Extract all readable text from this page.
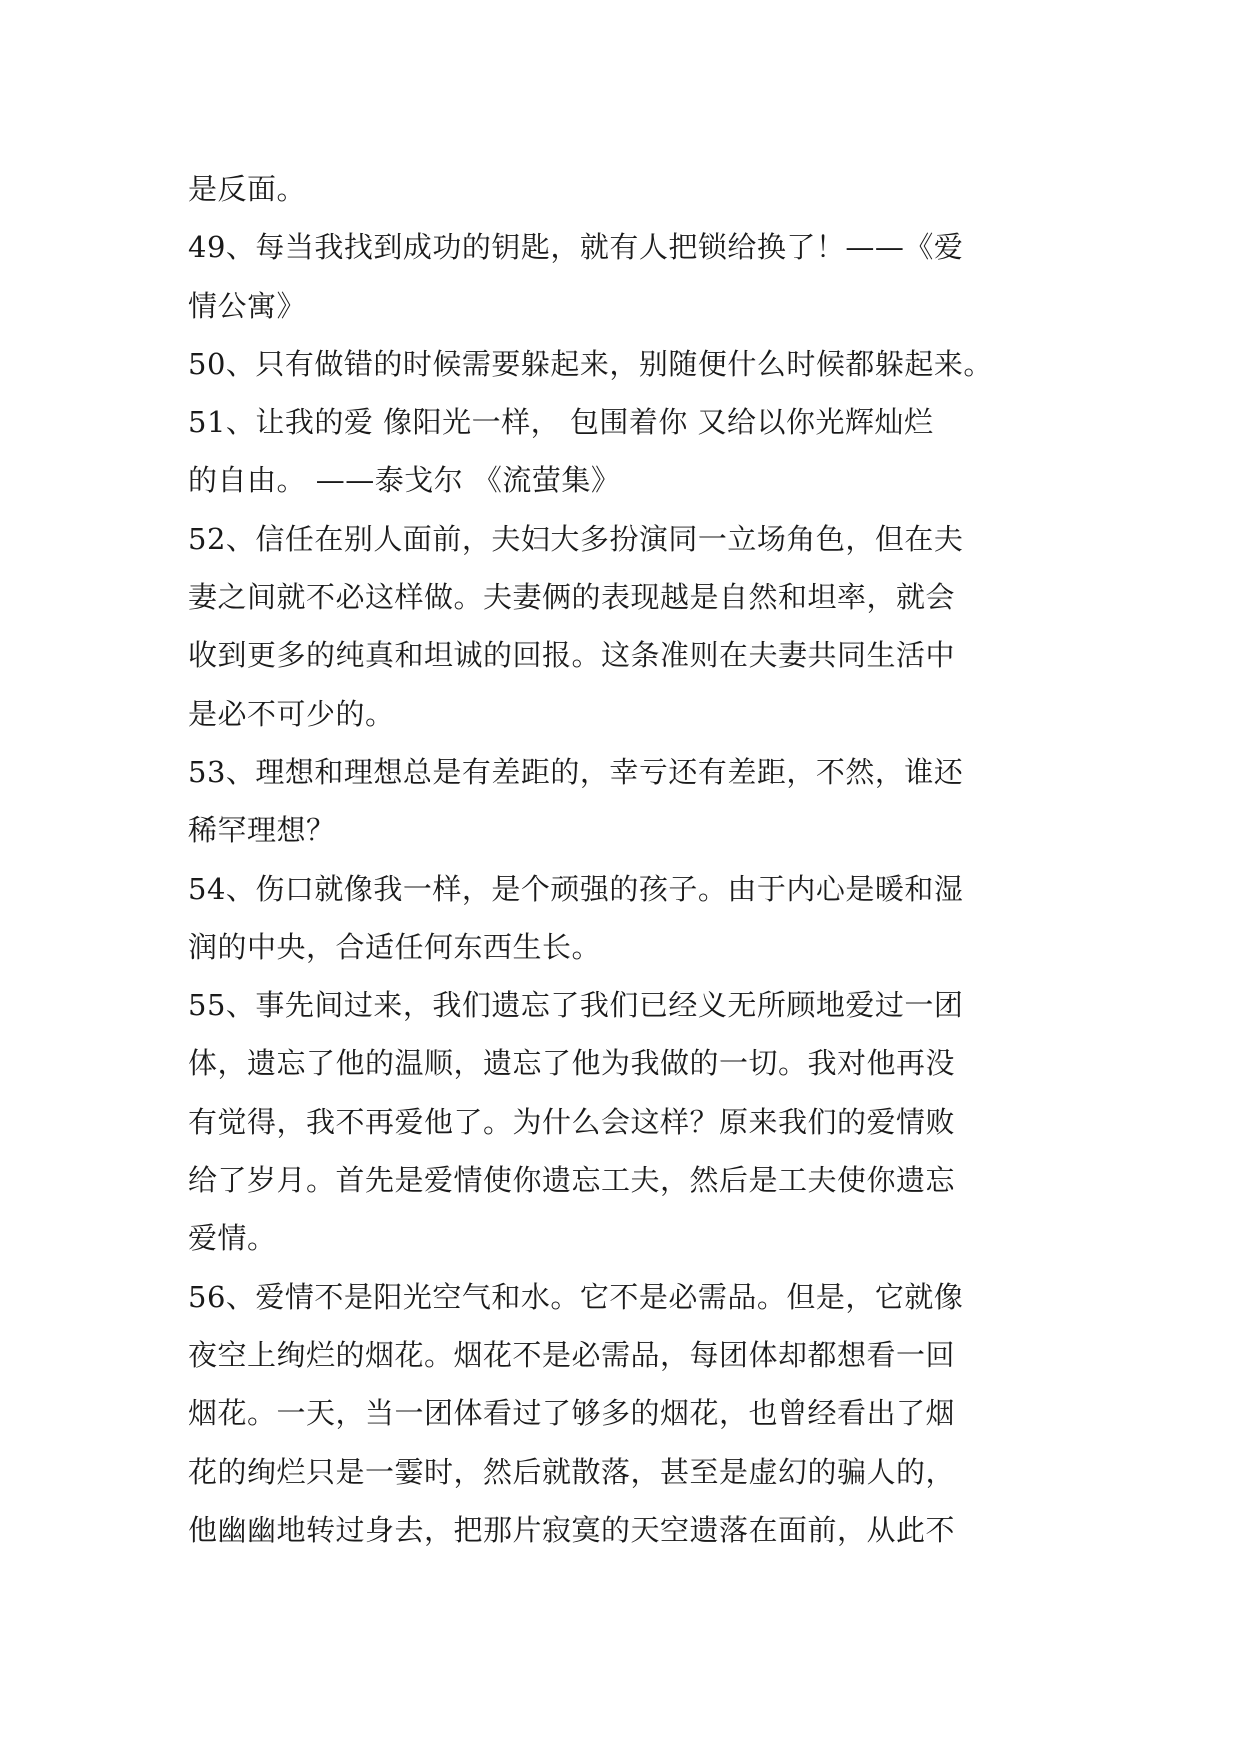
是反面。
49、每当我找到成功的钥匙，就有人把锁给换了！——《爱
情公寓》
50、只有做错的时候需要躲起来，别随便什么时候都躲起来。
51、让我的爱 像阳光一样， 包围着你 又给以你光辉灿烂
的自由。 ——泰戈尔 《流萤集》
52、信任在别人面前，夫妇大多扮演同一立场角色，但在夫
妻之间就不必这样做。夫妻俩的表现越是自然和坦率，就会
收到更多的纯真和坦诚的回报。这条准则在夫妻共同生活中
是必不可少的。
53、理想和理想总是有差距的，幸亏还有差距，不然，谁还
稀罕理想？
54、伤口就像我一样，是个顽强的孩子。由于内心是暖和湿
润的中央，合适任何东西生长。
55、事先间过来，我们遗忘了我们已经义无所顾地爱过一团
体，遗忘了他的温顺，遗忘了他为我做的一切。我对他再没
有觉得，我不再爱他了。为什么会这样？原来我们的爱情败
给了岁月。首先是爱情使你遗忘工夫，然后是工夫使你遗忘
爱情。
56、爱情不是阳光空气和水。它不是必需品。但是，它就像
夜空上绚烂的烟花。烟花不是必需品，每团体却都想看一回
烟花。一天，当一团体看过了够多的烟花，也曾经看出了烟
花的绚烂只是一霎时，然后就散落，甚至是虚幻的骗人的，
他幽幽地转过身去，把那片寂寞的天空遗落在面前，从此不
